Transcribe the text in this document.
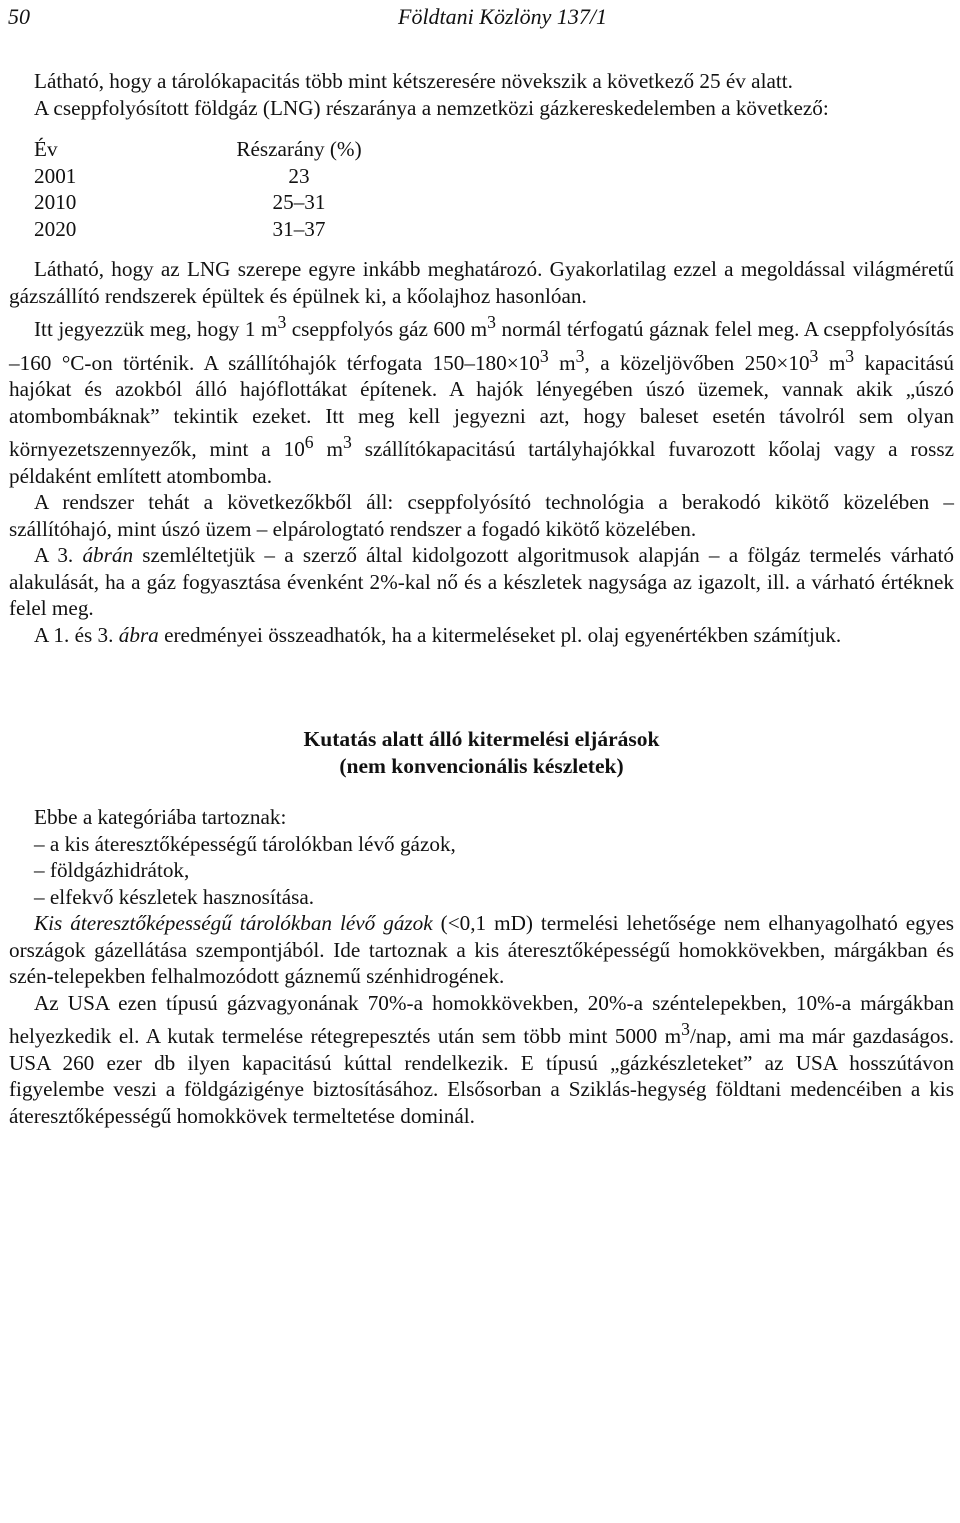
50	Földtani Közlöny 137/1

Látható, hogy a tárolókapacitás több mint kétszeresére növekszik a következő 25 év alatt.

A cseppfolyósított földgáz (LNG) részaránya a nemzetközi gázkereskedelemben a következő:

Év	Részarány (%)
2001	23
2010	25–31
2020	31–37

Látható, hogy az LNG szerepe egyre inkább meghatározó. Gyakorlatilag ezzel a megoldással világméretű gázszállító rendszerek épültek és épülnek ki, a kőolajhoz hasonlóan.

Itt jegyezzük meg, hogy 1 $m^3$ cseppfolyós gáz 600 $m^3$ normál térfogatú gáznak felel meg. A cseppfolyósítás –160 °C-on történik. A szállítóhajók térfogata $150-180\times 10^3$ $m^3$, a közeljövőben $250\times 10^3$ $m^3$ kapacitású hajókat és azokból álló hajóflottákat építenek. A hajók lényegében úszó üzemek, vannak akik „úszó atombombáknak” tekintik ezeket. Itt meg kell jegyezni azt, hogy baleset esetén távolról sem olyan környezetszennyezők, mint a $10^6$ $m^3$ szállítókapacitású tartályhajókkal fuvarozott kőolaj vagy a rossz példaként említett atombomba.

A rendszer tehát a következőkből áll: cseppfolyósító technológia a berakodó kikötő közelében – szállítóhajó, mint úszó üzem – elpárologtató rendszer a fogadó kikötő közelében.

A 3. ábrán szemléltetjük – a szerző által kidolgozott algoritmusok alapján – a fölgáz termelés várható alakulását, ha a gáz fogyasztása évenként 2%-kal nő és a készletek nagysága az igazolt, ill. a várható értéknek felel meg.

A 1. és 3. ábra eredményei összeadhatók, ha a kitermeléseket pl. olaj egyenértékben számítjuk.

Kutatás alatt álló kitermelési eljárások
(nem konvencionális készletek)
Ebbe a kategóriába tartoznak:
– a kis áteresztőképességű tárolókban lévő gázok,
– földgázhidrátok,
– elfekvő készletek hasznosítása.

Kis áteresztőképességű tárolókban lévő gázok (<0,1 mD) termelési lehetősége nem elhanyagolható egyes országok gázellátása szempontjából. Ide tartoznak a kis áteresztőképességű homokkövekben, márgákban és szén-telepekben felhalmozódott gáznemű szénhidrogének.

Az USA ezen típusú gázvagyonának 70%-a homokkövekben, 20%-a széntelepekben, 10%-a márgákban helyezkedik el. A kutak termelése rétegrepesztés után sem több mint 5000 $m^3$/nap, ami ma már gazdaságos. USA 260 ezer db ilyen kapacitású kúttal rendelkezik. E típusú „gázkészleteket” az USA hosszútávon figyelembe veszi a földgázigénye biztosításához. Elsősorban a Sziklás-hegység földtani medencéiben a kis áteresztőképességű homokkövek termeltetése dominál.
